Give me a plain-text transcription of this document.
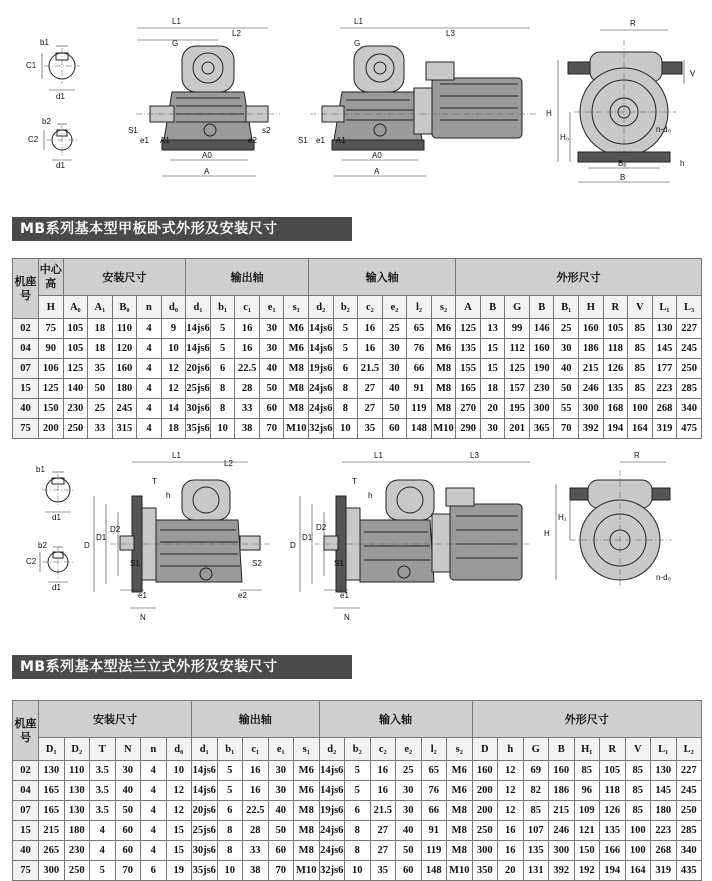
b1
C1
d1
b2
C2
d1
L1
L2
G
S1
e1 A1	e2
s2
A0
A
L1
L3
G
S1 e1 A1
A0
A
R
V
H
H₀
n-d₀
h
B₀
B
MB系列基本型甲板卧式外形及安装尺寸
机座号	中心高	安装尺寸					输出轴					输入轴						外形尺寸									
	H	A₀	A₁	B₀	n	d₀	d₁	b₁	c₁	e₁	s₁	d₂	b₂	c₂	e₂	l₂	s₂	A	B	G	B	B₁	H	R	V	L₁	L₃
02	75	105	18	110	4	9	14js6	5	16	30	M6	14js6	5	16	25	65	M6	125	13	99	146	25	160	105	85	130	227
04	90	105	18	120	4	10	14js6	5	16	30	M6	14js6	5	16	30	76	M6	135	15	112	160	30	186	118	85	145	245
07	106	125	35	160	4	12	20js6	6	22.5	40	M8	19js6	6	21.5	30	66	M8	155	15	125	190	40	215	126	85	177	250
15	125	140	50	180	4	12	25js6	8	28	50	M8	24js6	8	27	40	91	M8	165	18	157	230	50	246	135	85	223	285
40	150	230	25	245	4	14	30js6	8	33	60	M8	24js6	8	27	50	119	M8	270	20	195	300	55	300	168	100	268	340
75	200	250	33	315	4	18	35js6	10	38	70	M10	32js6	10	35	60	148	M10	290	30	201	365	70	392	194	164	319	475
b1
d1
b2
C2
d1
L1
L2
T
h
D
D1
D2
S1	S2
e1	e2
N
L1	L3
T
h
D
D1
D2
S1
e1
N
R
H
H₁
n-d₀
MB系列基本型法兰立式外形及安装尺寸
机座号	安装尺寸						输出轴					输入轴						外形尺寸								
	D₁	D₂	T	N	n	d₀	d₁	b₁	c₁	e₁	s₁	d₂	b₂	c₂	e₂	l₂	s₂	D	h	G	B	H₁	R	V	L₁	L₂
02	130	110	3.5	30	4	10	14js6	5	16	30	M6	14js6	5	16	25	65	M6	160	12	69	160	85	105	85	130	227
04	165	130	3.5	40	4	12	14js6	5	16	30	M6	14js6	5	16	30	76	M6	200	12	82	186	96	118	85	145	245
07	165	130	3.5	50	4	12	20js6	6	22.5	40	M8	19js6	6	21.5	30	66	M8	200	12	85	215	109	126	85	180	250
15	215	180	4	60	4	15	25js6	8	28	50	M8	24js6	8	27	40	91	M8	250	16	107	246	121	135	100	223	285
40	265	230	4	60	4	15	30js6	8	33	60	M8	24js6	8	27	50	119	M8	300	16	135	300	150	166	100	268	340
75	300	250	5	70	6	19	35js6	10	38	70	M10	32js6	10	35	60	148	M10	350	20	131	392	192	194	164	319	435
